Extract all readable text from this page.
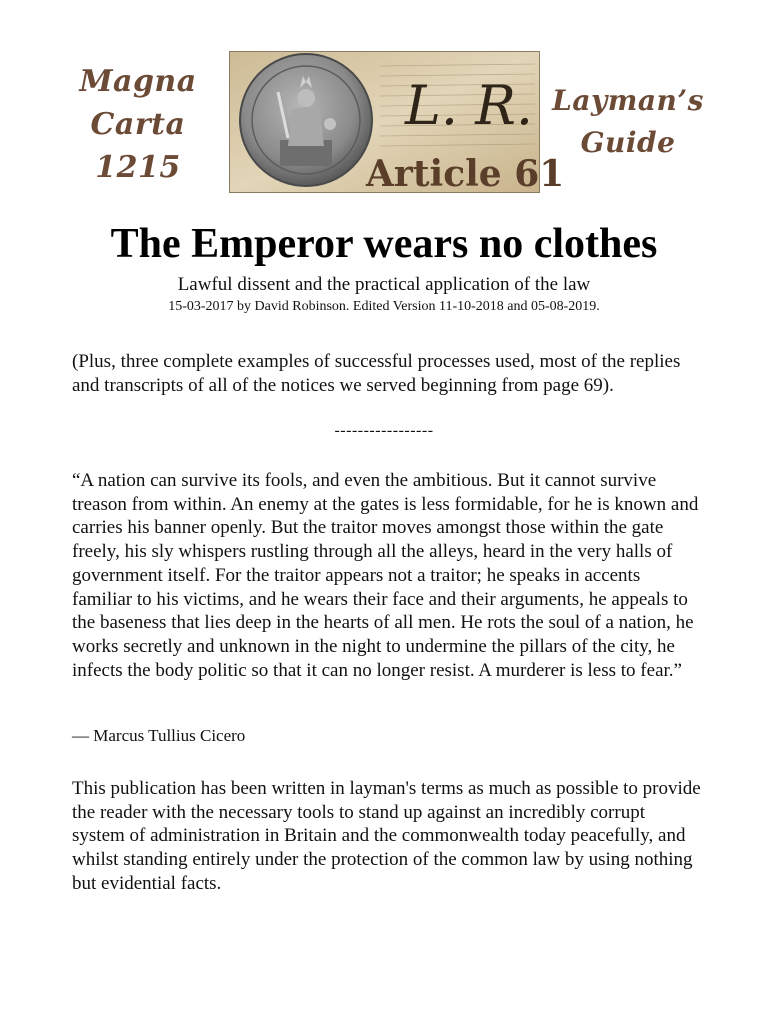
Magna
Carta
1215
L. R.
Article 61
Layman’s
Guide
The Emperor wears no clothes
Lawful dissent and the practical application of the law
15-03-2017 by David Robinson. Edited Version 11-10-2018 and 05-08-2019.

(Plus, three complete examples of successful processes used, most of the replies and transcripts of all of the notices we served beginning from page 69).

-----------------

“A nation can survive its fools, and even the ambitious. But it cannot survive treason from within. An enemy at the gates is less formidable, for he is known and carries his banner openly. But the traitor moves amongst those within the gate freely, his sly whispers rustling through all the alleys, heard in the very halls of government itself. For the traitor appears not a traitor; he speaks in accents familiar to his victims, and he wears their face and their arguments, he appeals to the baseness that lies deep in the hearts of all men. He rots the soul of a nation, he works secretly and unknown in the night to undermine the pillars of the city, he infects the body politic so that it can no longer resist. A murderer is less to fear.”

— Marcus Tullius Cicero

This publication has been written in layman's terms as much as possible to provide the reader with the necessary tools to stand up against an incredibly corrupt system of administration in Britain and the commonwealth today peacefully, and whilst standing entirely under the protection of the common law by using nothing but evidential facts.
